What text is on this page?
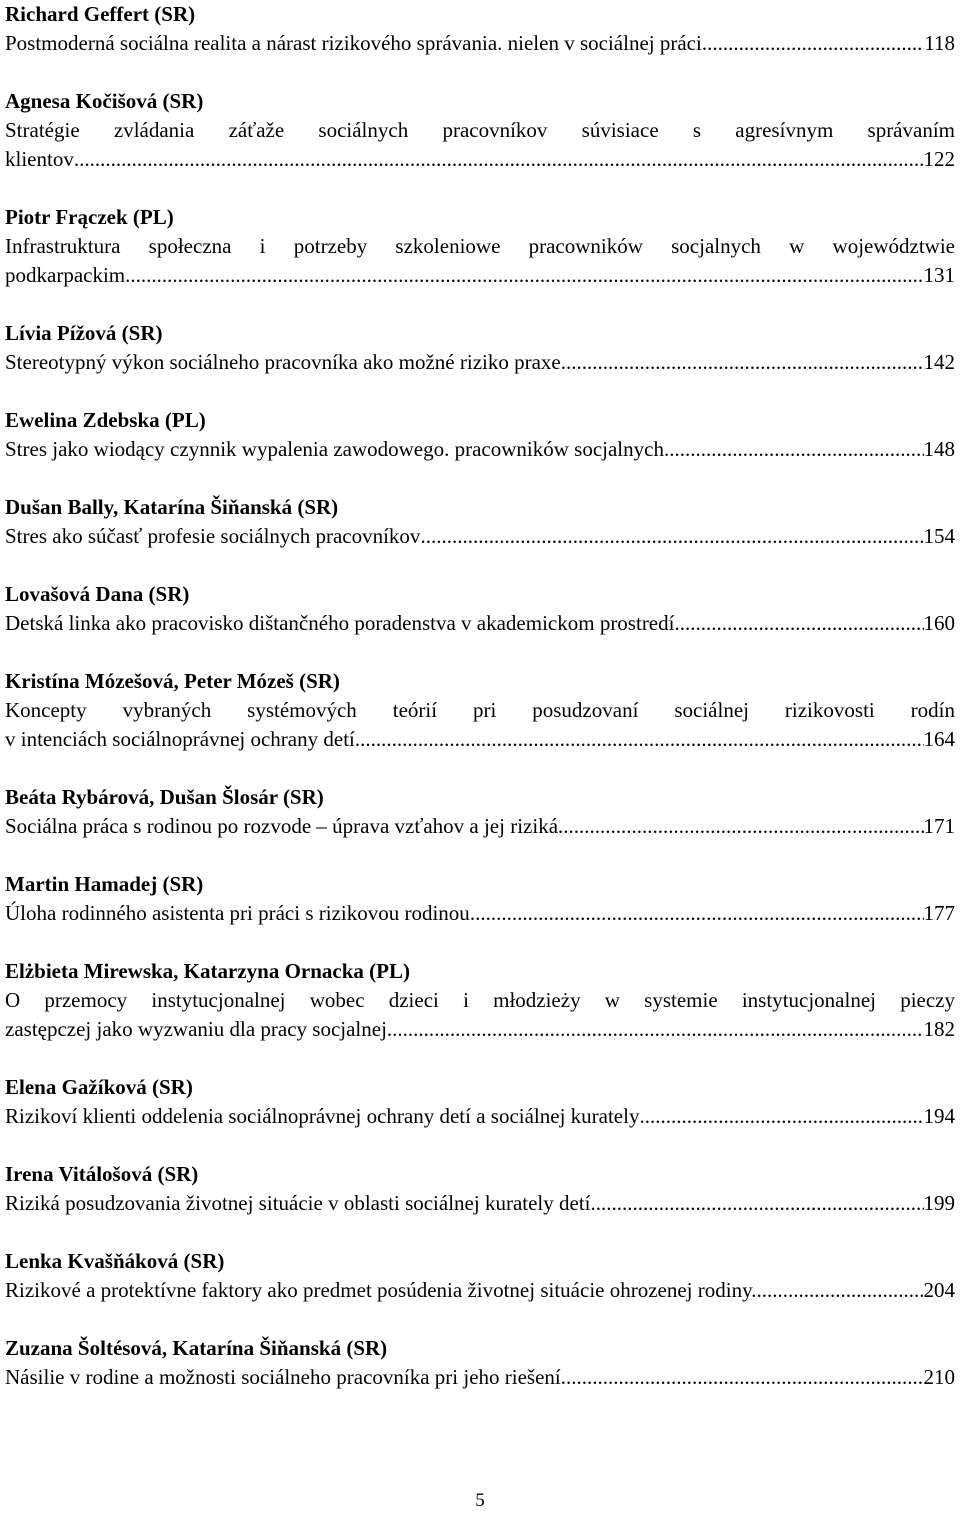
Richard Geffert (SR)
Postmoderná sociálna realita a nárast rizikového správania. nielen v sociálnej práci. .....	118
Agnesa Kočišová (SR)
Stratégie zvládania záťaže sociálnych pracovníkov súvisiace s agresívnym správaním
klientov .....	122
Piotr Frączek (PL)
Infrastruktura społeczna i potrzeby szkoleniowe pracowników socjalnych w województwie
podkarpackim .....	131
Lívia Pížová (SR)
Stereotypný výkon sociálneho pracovníka ako možné riziko praxe .....	142
Ewelina Zdebska (PL)
Stres jako wiodący czynnik wypalenia zawodowego. pracowników socjalnych. .....	148
Dušan Bally, Katarína Šiňanská (SR)
Stres ako súčasť profesie sociálnych pracovníkov .....	154
Lovašová Dana (SR)
Detská linka ako pracovisko dištančného poradenstva v akademickom prostredí. .....	160
Kristína Mózešová, Peter Mózeš (SR)
Koncepty vybraných systémových teórií pri posudzovaní sociálnej rizikovosti rodín
v intenciách sociálnoprávnej ochrany detí .....	164
Beáta Rybárová, Dušan Šlosár (SR)
Sociálna práca s rodinou po rozvode – úprava vzťahov a jej riziká .....	171
Martin Hamadej (SR)
Úloha rodinného asistenta pri práci s rizikovou rodinou .....	177
Elżbieta Mirewska, Katarzyna Ornacka (PL)
O przemocy instytucjonalnej wobec dzieci i młodzieży w systemie instytucjonalnej pieczy
zastępczej jako wyzwaniu dla pracy socjalnej .....	182
Elena Gažíková (SR)
Rizikoví klienti oddelenia sociálnoprávnej ochrany detí a sociálnej kurately .....	194
Irena Vitálošová (SR)
Riziká posudzovania životnej situácie v oblasti sociálnej kurately detí .....	199
Lenka Kvašňáková (SR)
Rizikové a protektívne faktory ako predmet posúdenia životnej situácie ohrozenej rodiny.. .....	204
Zuzana Šoltésová, Katarína Šiňanská (SR)
Násilie v rodine a možnosti sociálneho pracovníka pri jeho riešení .....	210
5
